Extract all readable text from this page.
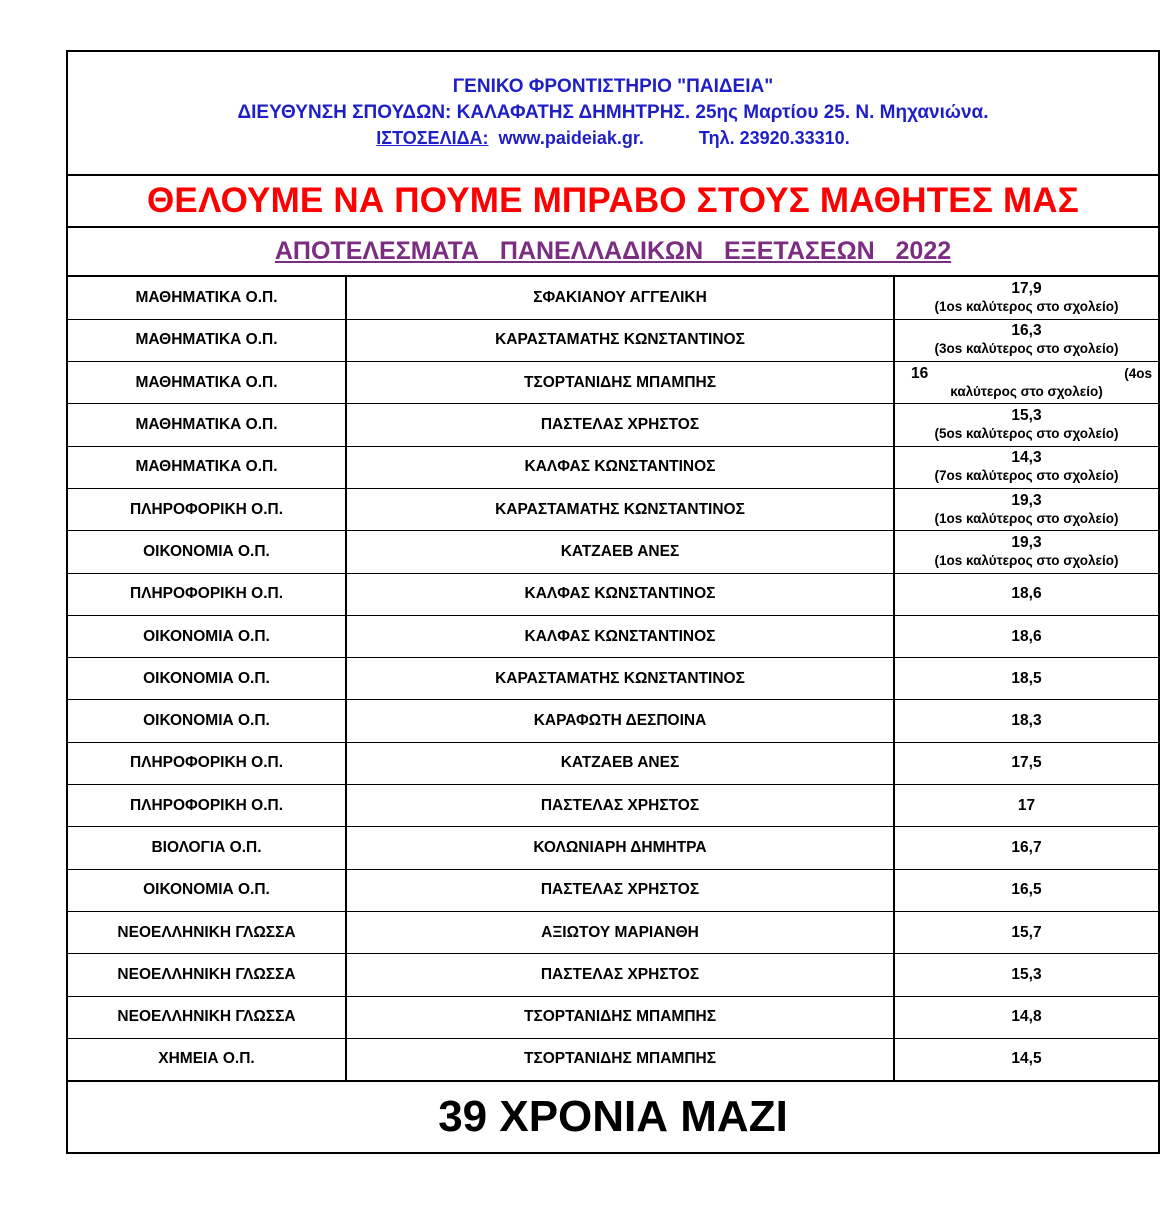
ΓΕΝΙΚΟ ΦΡΟΝΤΙΣΤΗΡΙΟ "ΠΑΙΔΕΙΑ"
ΔΙΕΥΘΥΝΣΗ ΣΠΟΥΔΩΝ: ΚΑΛΑΦΑΤΗΣ ΔΗΜΗΤΡΗΣ. 25ης Μαρτίου 25. Ν. Μηχανιώνα.
ΙΣΤΟΣΕΛΙΔΑ: www.paideiak.gr.	Τηλ. 23920.33310.
ΘΕΛΟΥΜΕ ΝΑ ΠΟΥΜΕ ΜΠΡΑΒΟ ΣΤΟΥΣ ΜΑΘΗΤΕΣ ΜΑΣ
ΑΠΟΤΕΛΕΣΜΑΤΑ   ΠΑΝΕΛΛΑΔΙΚΩΝ   ΕΞΕΤΑΣΕΩΝ   2022
ΜΑΘΗΜΑΤΙΚΑ Ο.Π.	ΣΦΑΚΙΑΝΟΥ ΑΓΓΕΛΙΚΗ	17,9
(1οs καλύτερος στο σχολείο)

ΜΑΘΗΜΑΤΙΚΑ Ο.Π.	ΚΑΡΑΣΤΑΜΑΤΗΣ ΚΩΝΣΤΑΝΤΙΝΟΣ	16,3
(3οs καλύτερος στο σχολείο)

ΜΑΘΗΜΑΤΙΚΑ Ο.Π.	ΤΣΟΡΤΑΝΙΔΗΣ ΜΠΑΜΠΗΣ	16 (4οs
καλύτερος στο σχολείο)

ΜΑΘΗΜΑΤΙΚΑ Ο.Π.	ΠΑΣΤΕΛΑΣ ΧΡΗΣΤΟΣ	15,3
(5οs καλύτερος στο σχολείο)

ΜΑΘΗΜΑΤΙΚΑ Ο.Π.	ΚΑΛΦΑΣ ΚΩΝΣΤΑΝΤΙΝΟΣ	14,3
(7οs καλύτερος στο σχολείο)

ΠΛΗΡΟΦΟΡΙΚΗ Ο.Π.	ΚΑΡΑΣΤΑΜΑΤΗΣ ΚΩΝΣΤΑΝΤΙΝΟΣ	19,3
(1οs καλύτερος στο σχολείο)

ΟΙΚΟΝΟΜΙΑ Ο.Π.	ΚΑΤΖΑΕΒ ΑΝΕΣ	19,3
(1οs καλύτερος στο σχολείο)

ΠΛΗΡΟΦΟΡΙΚΗ Ο.Π.	ΚΑΛΦΑΣ ΚΩΝΣΤΑΝΤΙΝΟΣ	18,6

ΟΙΚΟΝΟΜΙΑ Ο.Π.	ΚΑΛΦΑΣ ΚΩΝΣΤΑΝΤΙΝΟΣ	18,6

ΟΙΚΟΝΟΜΙΑ Ο.Π.	ΚΑΡΑΣΤΑΜΑΤΗΣ ΚΩΝΣΤΑΝΤΙΝΟΣ	18,5

ΟΙΚΟΝΟΜΙΑ Ο.Π.	ΚΑΡΑΦΩΤΗ ΔΕΣΠΟΙΝΑ	18,3

ΠΛΗΡΟΦΟΡΙΚΗ Ο.Π.	ΚΑΤΖΑΕΒ ΑΝΕΣ	17,5

ΠΛΗΡΟΦΟΡΙΚΗ Ο.Π.	ΠΑΣΤΕΛΑΣ ΧΡΗΣΤΟΣ	17

ΒΙΟΛΟΓΙΑ Ο.Π.	ΚΟΛΩΝΙΑΡΗ ΔΗΜΗΤΡΑ	16,7

ΟΙΚΟΝΟΜΙΑ Ο.Π.	ΠΑΣΤΕΛΑΣ ΧΡΗΣΤΟΣ	16,5

ΝΕΟΕΛΛΗΝΙΚΗ ΓΛΩΣΣΑ	ΑΞΙΩΤΟΥ ΜΑΡΙΑΝΘΗ	15,7

ΝΕΟΕΛΛΗΝΙΚΗ ΓΛΩΣΣΑ	ΠΑΣΤΕΛΑΣ ΧΡΗΣΤΟΣ	15,3

ΝΕΟΕΛΛΗΝΙΚΗ ΓΛΩΣΣΑ	ΤΣΟΡΤΑΝΙΔΗΣ ΜΠΑΜΠΗΣ	14,8

ΧΗΜΕΙΑ Ο.Π.	ΤΣΟΡΤΑΝΙΔΗΣ ΜΠΑΜΠΗΣ	14,5
39 ΧΡΟΝΙΑ ΜΑΖΙ
